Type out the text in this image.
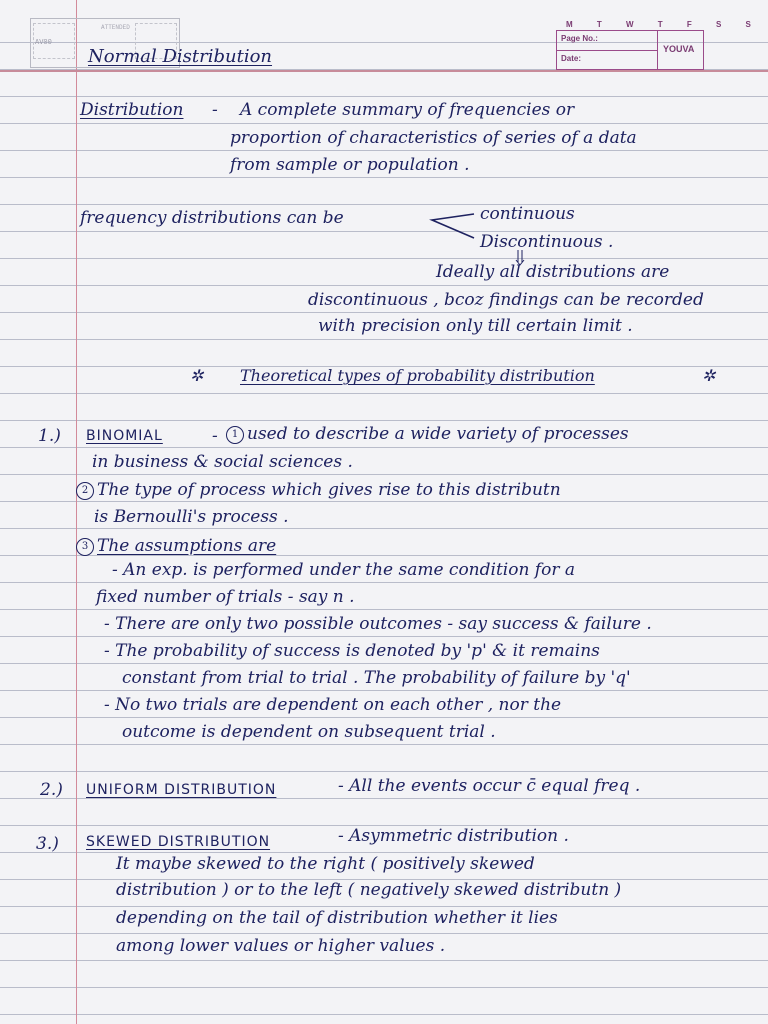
AV00
ATTENDED	M T W T F S S
Page No.:
Date:
YOUVA
Normal Distribution
Distribution - A complete summary of frequencies or
proportion of characteristics of series of a data
from sample or population .
frequency distributions can be	continuous
Discontinuous .
Ideally all distributions are
discontinuous , bcoz findings can be recorded
with precision only till certain limit .
✲ Theoretical types of probability distribution	✲
1.) BINOMIAL	-	1 used to describe a wide variety of processes
in business & social sciences .
2 The type of process which gives rise to this distributn
is Bernoulli's process .
3 The assumptions are
- An exp. is performed under the same condition for a
fixed number of trials - say n .
- There are only two possible outcomes - say success & failure .
- The probability of success is denoted by 'p' & it remains
constant from trial to trial . The probability of failure by 'q'
- No two trials are dependent on each other , nor the
outcome is dependent on subsequent trial .
2.) UNIFORM DISTRIBUTION	- All the events occur c̄ equal freq .
3.) SKEWED DISTRIBUTION	- Asymmetric distribution .
It maybe skewed to the right ( positively skewed
distribution ) or to the left ( negatively skewed distributn )
depending on the tail of distribution whether it lies
among lower values or higher values .
